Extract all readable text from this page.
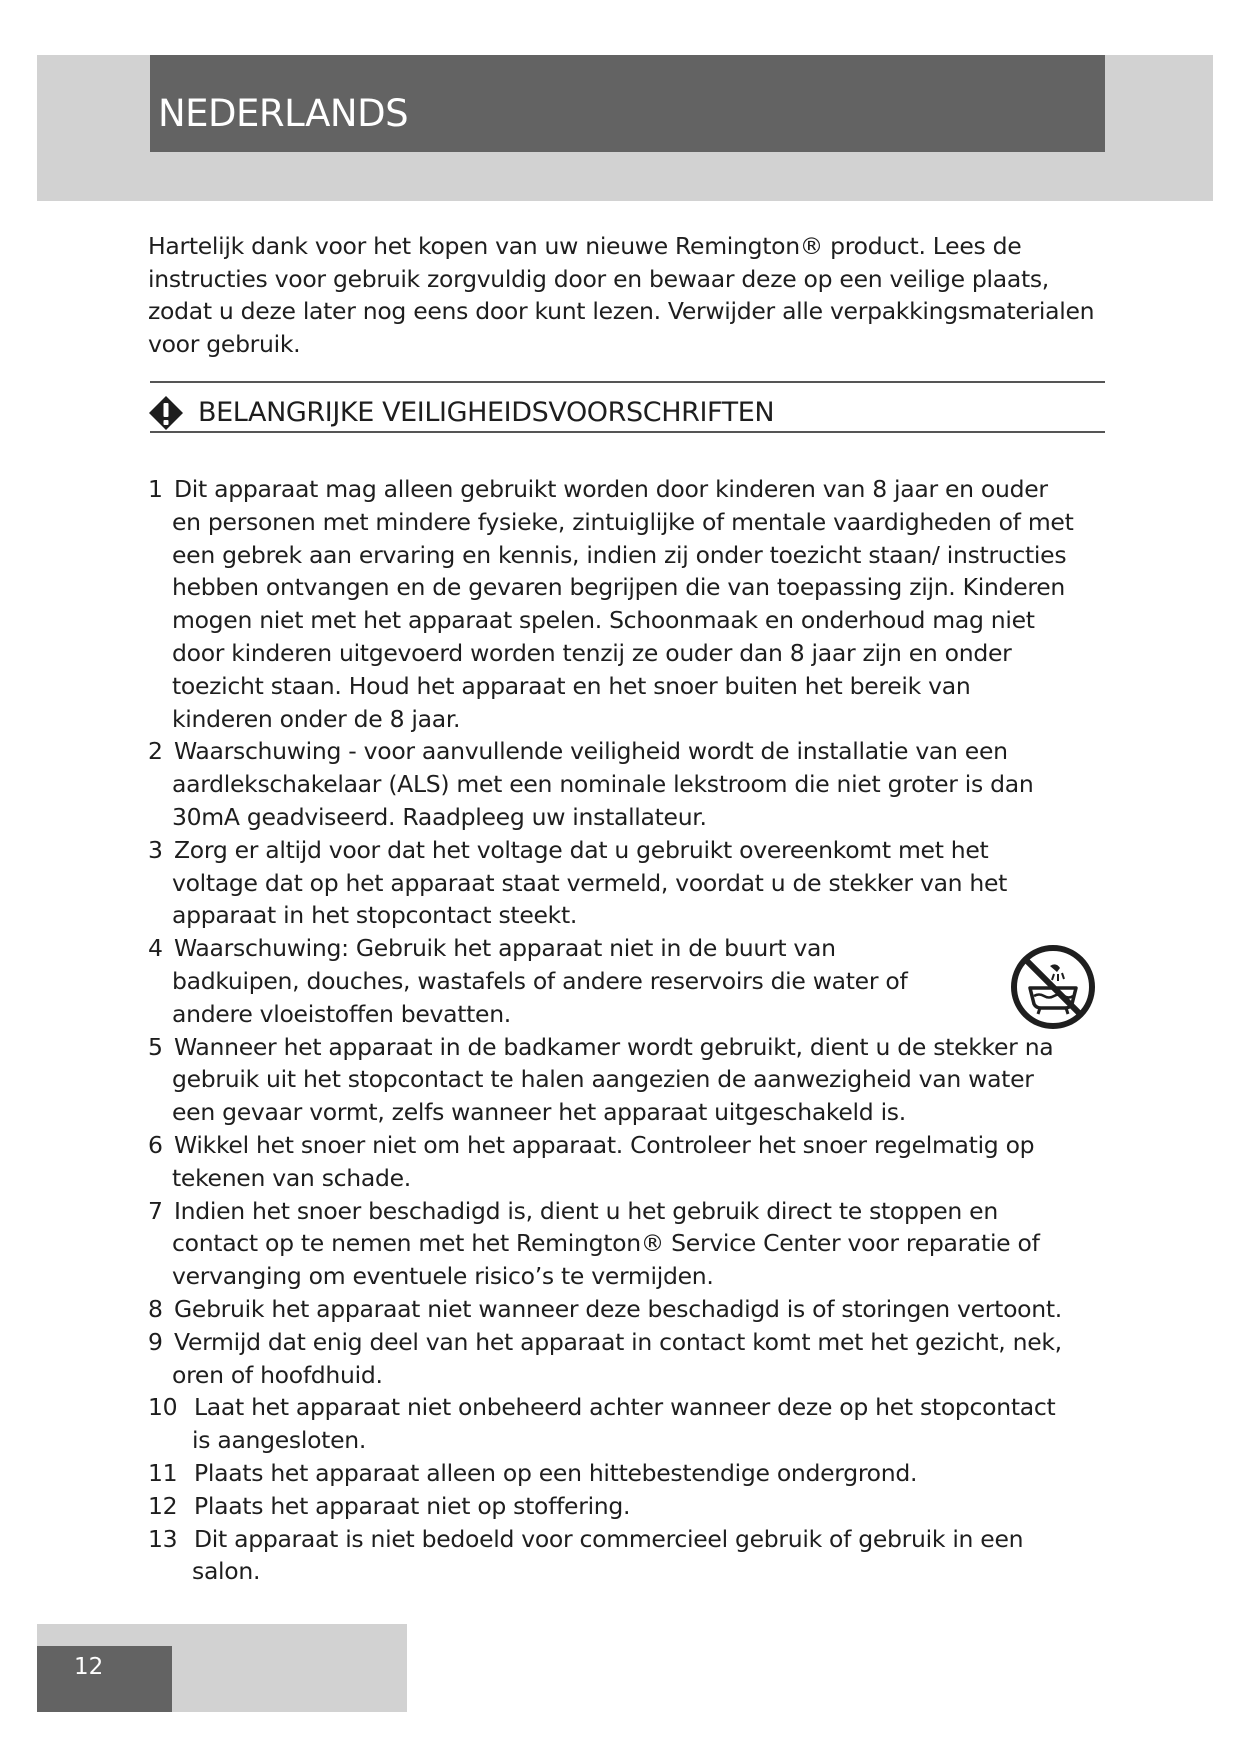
NEDERLANDS

Hartelijk dank voor het kopen van uw nieuwe Remington® product. Lees de instructies voor gebruik zorgvuldig door en bewaar deze op een veilige plaats, zodat u deze later nog eens door kunt lezen. Verwijder alle verpakkingsmaterialen voor gebruik.

BELANGRIJKE VEILIGHEIDSVOORSCHRIFTEN
1 Dit apparaat mag alleen gebruikt worden door kinderen van 8 jaar en ouder en personen met mindere fysieke, zintuiglijke of mentale vaardigheden of met een gebrek aan ervaring en kennis, indien zij onder toezicht staan/ instructies hebben ontvangen en de gevaren begrijpen die van toepassing zijn. Kinderen mogen niet met het apparaat spelen. Schoonmaak en onderhoud mag niet door kinderen uitgevoerd worden tenzij ze ouder dan 8 jaar zijn en onder toezicht staan. Houd het apparaat en het snoer buiten het bereik van kinderen onder de 8 jaar.
2 Waarschuwing - voor aanvullende veiligheid wordt de installatie van een aardlekschakelaar (ALS) met een nominale lekstroom die niet groter is dan 30mA geadviseerd. Raadpleeg uw installateur.
3 Zorg er altijd voor dat het voltage dat u gebruikt overeenkomt met het voltage dat op het apparaat staat vermeld, voordat u de stekker van het apparaat in het stopcontact steekt.
4 Waarschuwing: Gebruik het apparaat niet in de buurt van badkuipen, douches, wastafels of andere reservoirs die water of andere vloeistoffen bevatten.
5 Wanneer het apparaat in de badkamer wordt gebruikt, dient u de stekker na gebruik uit het stopcontact te halen aangezien de aanwezigheid van water een gevaar vormt, zelfs wanneer het apparaat uitgeschakeld is.
6 Wikkel het snoer niet om het apparaat. Controleer het snoer regelmatig op tekenen van schade.
7 Indien het snoer beschadigd is, dient u het gebruik direct te stoppen en contact op te nemen met het Remington® Service Center voor reparatie of vervanging om eventuele risico’s te vermijden.
8 Gebruik het apparaat niet wanneer deze beschadigd is of storingen vertoont.
9 Vermijd dat enig deel van het apparaat in contact komt met het gezicht, nek, oren of hoofdhuid.
10 Laat het apparaat niet onbeheerd achter wanneer deze op het stopcontact is aangesloten.
11 Plaats het apparaat alleen op een hittebestendige ondergrond.
12 Plaats het apparaat niet op stoffering.
13 Dit apparaat is niet bedoeld voor commercieel gebruik of gebruik in een salon.
12
